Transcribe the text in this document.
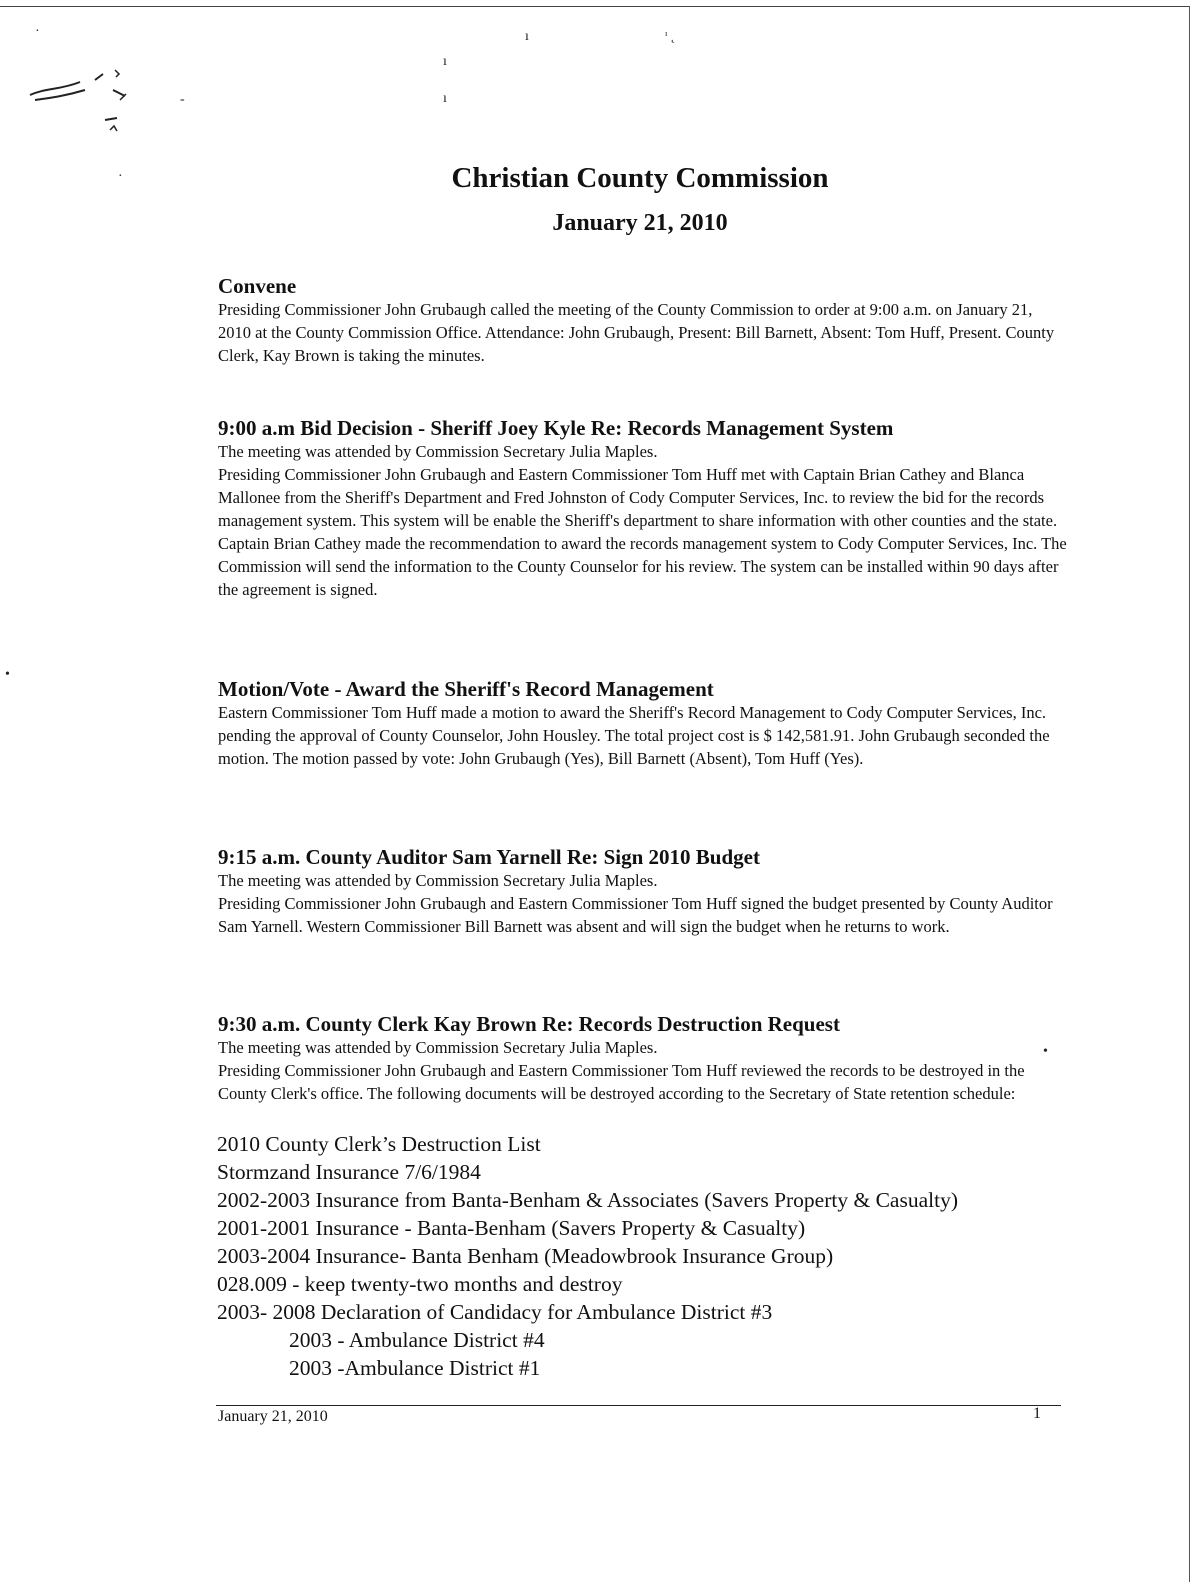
·
-
·
ı
ı
ı	ᶦ ˛
•
•
Christian County Commission
January 21, 2010
Convene

Presiding Commissioner John Grubaugh called the meeting of the County Commission to order at 9:00 a.m. on January 21, 2010 at the County Commission Office. Attendance: John Grubaugh, Present: Bill Barnett, Absent: Tom Huff, Present. County Clerk, Kay Brown is taking the minutes.

9:00 a.m Bid Decision - Sheriff Joey Kyle Re: Records Management System

The meeting was attended by Commission Secretary Julia Maples.

Presiding Commissioner John Grubaugh and Eastern Commissioner Tom Huff met with Captain Brian Cathey and Blanca Mallonee from the Sheriff's Department and Fred Johnston of Cody Computer Services, Inc. to review the bid for the records management system. This system will be enable the Sheriff's department to share information with other counties and the state. Captain Brian Cathey made the recommendation to award the records management system to Cody Computer Services, Inc. The Commission will send the information to the County Counselor for his review. The system can be installed within 90 days after the agreement is signed.

Motion/Vote - Award the Sheriff's Record Management

Eastern Commissioner Tom Huff made a motion to award the Sheriff's Record Management to Cody Computer Services, Inc. pending the approval of County Counselor, John Housley. The total project cost is $ 142,581.91. John Grubaugh seconded the motion. The motion passed by vote: John Grubaugh (Yes), Bill Barnett (Absent), Tom Huff (Yes).

9:15 a.m. County Auditor Sam Yarnell Re: Sign 2010 Budget

The meeting was attended by Commission Secretary Julia Maples.

Presiding Commissioner John Grubaugh and Eastern Commissioner Tom Huff signed the budget presented by County Auditor Sam Yarnell. Western Commissioner Bill Barnett was absent and will sign the budget when he returns to work.

9:30 a.m. County Clerk Kay Brown Re: Records Destruction Request

The meeting was attended by Commission Secretary Julia Maples.

Presiding Commissioner John Grubaugh and Eastern Commissioner Tom Huff reviewed the records to be destroyed in the County Clerk's office. The following documents will be destroyed according to the Secretary of State retention schedule:

2010 County Clerk’s Destruction List
Stormzand Insurance 7/6/1984
2002-2003 Insurance from Banta-Benham & Associates (Savers Property & Casualty)
2001-2001 Insurance - Banta-Benham (Savers Property & Casualty)
2003-2004 Insurance- Banta Benham (Meadowbrook Insurance Group)
028.009 - keep twenty-two months and destroy
2003- 2008 Declaration of Candidacy for Ambulance District #3
2003 - Ambulance District #4
2003 -Ambulance District #1
January 21, 2010	1
